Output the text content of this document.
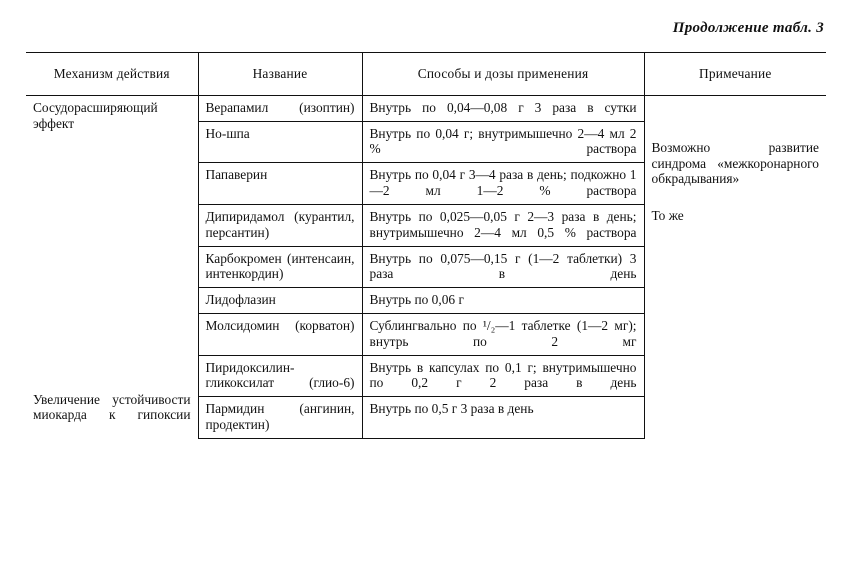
Продолжение табл. 3
Механизм действия	Название	Способы и дозы применения	Примечание

Сосудорасширяющий эффект	Верапамил (изоптин)	Внутрь по 0,04—0,08 г 3 раза в сутки	Возможно развитие синдрома «межкоронарного обкрадывания»

	Но-шпа	Внутрь по 0,04 г; внутримышечно 2—4 мл 2 % раствора	

	Папаверин	Внутрь по 0,04 г 3—4 раза в день; подкожно 1—2 мл 1—2 % раствора	

	Дипиридамол (курантил, персантин)	Внутрь по 0,025—0,05 г 2—3 раза в день; внутримышечно 2—4 мл 0,5 % раствора	То же

	Карбокромен (интенсаин, интенкордин)	Внутрь по 0,075—0,15 г (1—2 таблетки) 3 раза в день	

Увеличение устойчивости миокарда к гипоксии	Лидофлазин	Внутрь по 0,06 г	

	Молсидомин (корватон)	Сублингвально по ¹/₂—1 таблетке (1—2 мг); внутрь по 2 мг	

	Пиридоксилин-гликоксилат (глио-6)	Внутрь в капсулах по 0,1 г; внутримышечно по 0,2 г 2 раза в день	

	Пармидин (ангинин, продектин)	Внутрь по 0,5 г 3 раза в день	
